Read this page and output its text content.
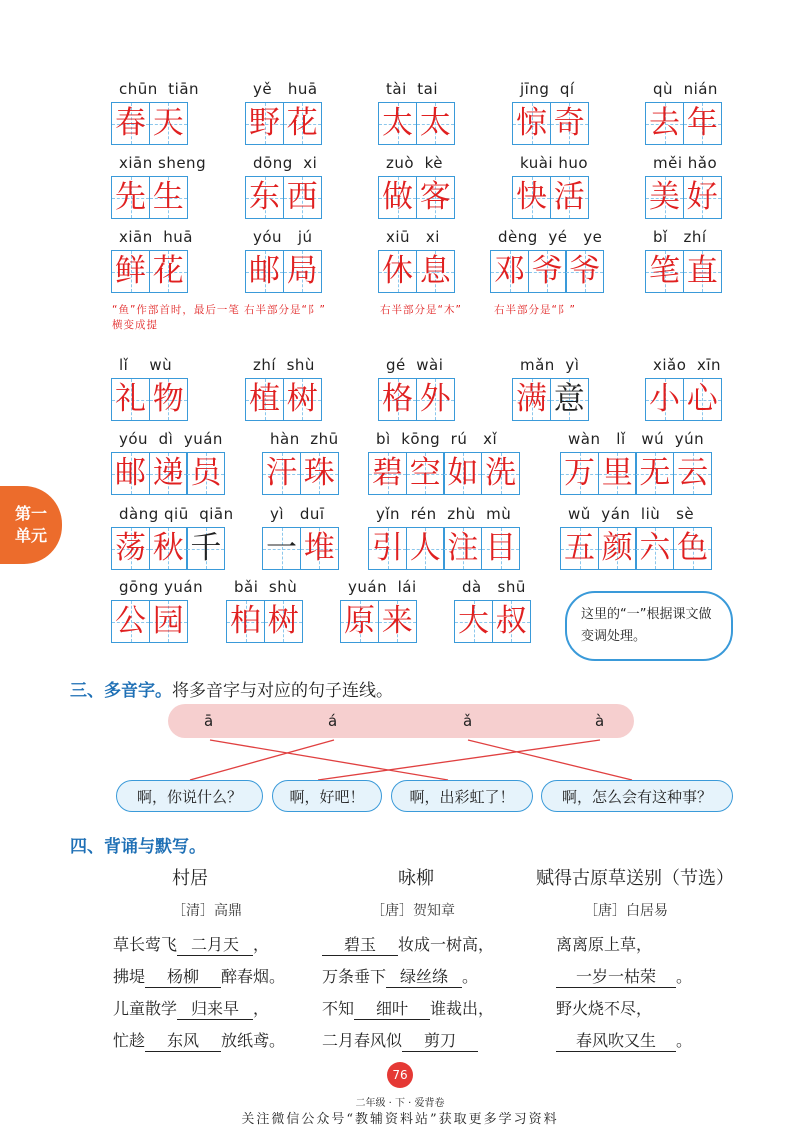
chūn  tiān
春 天
yě   huā
野 花
tài  tai
太 太
jīng  qí
惊 奇
qù  nián
去 年
xiān sheng
先 生
dōng  xi
东 西
zuò  kè
做 客
kuài huo
快 活
měi hǎo
美 好
xiān  huā
鲜 花
yóu   jú
邮 局
xiū   xi
休 息
dèng  yé   ye
邓 爷 爷
bǐ   zhí
笔 直
lǐ    wù
礼 物
zhí  shù
植 树
gé  wài
格 外
mǎn  yì
满 意
xiǎo  xīn
小 心
yóu  dì  yuán
邮 递 员
hàn  zhū
汗 珠
bì  kōng  rú   xǐ
碧 空 如 洗
wàn   lǐ   wú  yún
万 里 无 云
dàng qiū  qiān
荡 秋 千
yì   duī
一 堆
yǐn  rén  zhù  mù
引 人 注 目
wǔ  yán  liù   sè
五 颜 六 色
gōng yuán
公 园
bǎi  shù
柏 树
yuán  lái
原 来
dà   shū
大 叔
“鱼”作部首时，最后一笔横变成提
右半部分是“阝”	右半部分是“木”	右半部分是“阝”
第一单元
这里的“一”根据课文做变调处理。
三、多音字。将多音字与对应的句子连线。
ā	á	ǎ	à
啊，你说什么？	啊，好吧！	啊，出彩虹了！	啊，怎么会有这种事？
四、背诵与默写。
村居
［清］高鼎
咏柳
［唐］贺知章
赋得古原草送别（节选）
［唐］白居易
草长莺飞 二月天 ，
拂堤 杨柳 醉春烟。
儿童散学 归来早 ，
忙趁 东风 放纸鸢。
碧玉 妆成一树高，
万条垂下 绿丝绦 。
不知 细叶 谁裁出，
二月春风似 剪刀
离离原上草，
一岁一枯荣 。
野火烧不尽，
春风吹又生 。
76
二年级 · 下 · 爱背卷
关注微信公众号“教辅资料站”获取更多学习资料
